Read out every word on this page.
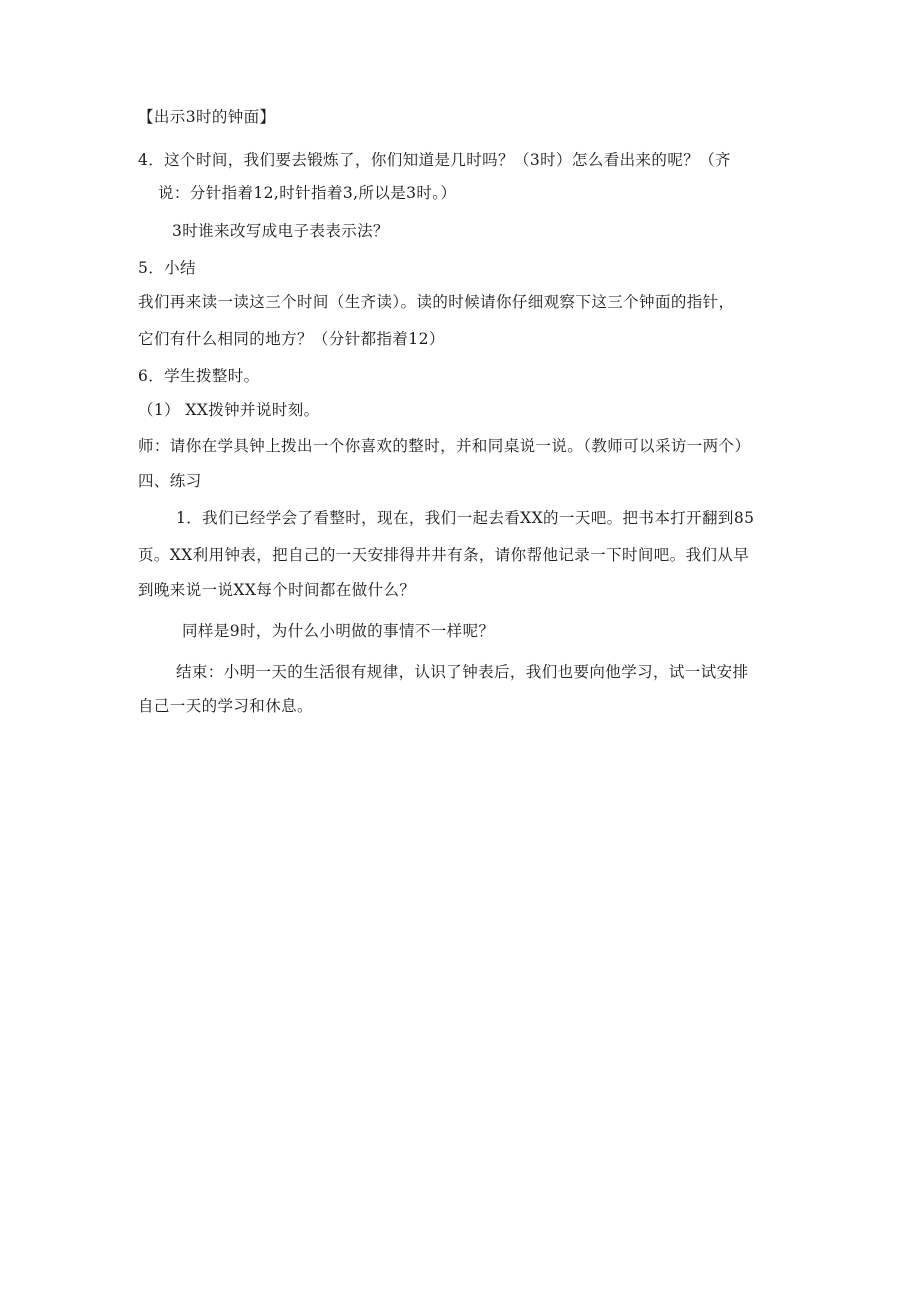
【出示3时的钟面】
4．这个时间，我们要去锻炼了，你们知道是几时吗？（3时）怎么看出来的呢？（齐
说：分针指着12,时针指着3,所以是3时。）
3时谁来改写成电子表表示法？
5．小结
我们再来读一读这三个时间（生齐读）。读的时候请你仔细观察下这三个钟面的指针，
它们有什么相同的地方？（分针都指着12）
6．学生拨整时。
（1） XX拨钟并说时刻。
师：请你在学具钟上拨出一个你喜欢的整时，并和同桌说一说。（教师可以采访一两个）
四、练习
1．我们已经学会了看整时，现在，我们一起去看XX的一天吧。把书本打开翻到85
页。XX利用钟表，把自己的一天安排得井井有条，请你帮他记录一下时间吧。我们从早
到晚来说一说XX每个时间都在做什么？
同样是9时，为什么小明做的事情不一样呢？
结束：小明一天的生活很有规律，认识了钟表后，我们也要向他学习，试一试安排
自己一天的学习和休息。
